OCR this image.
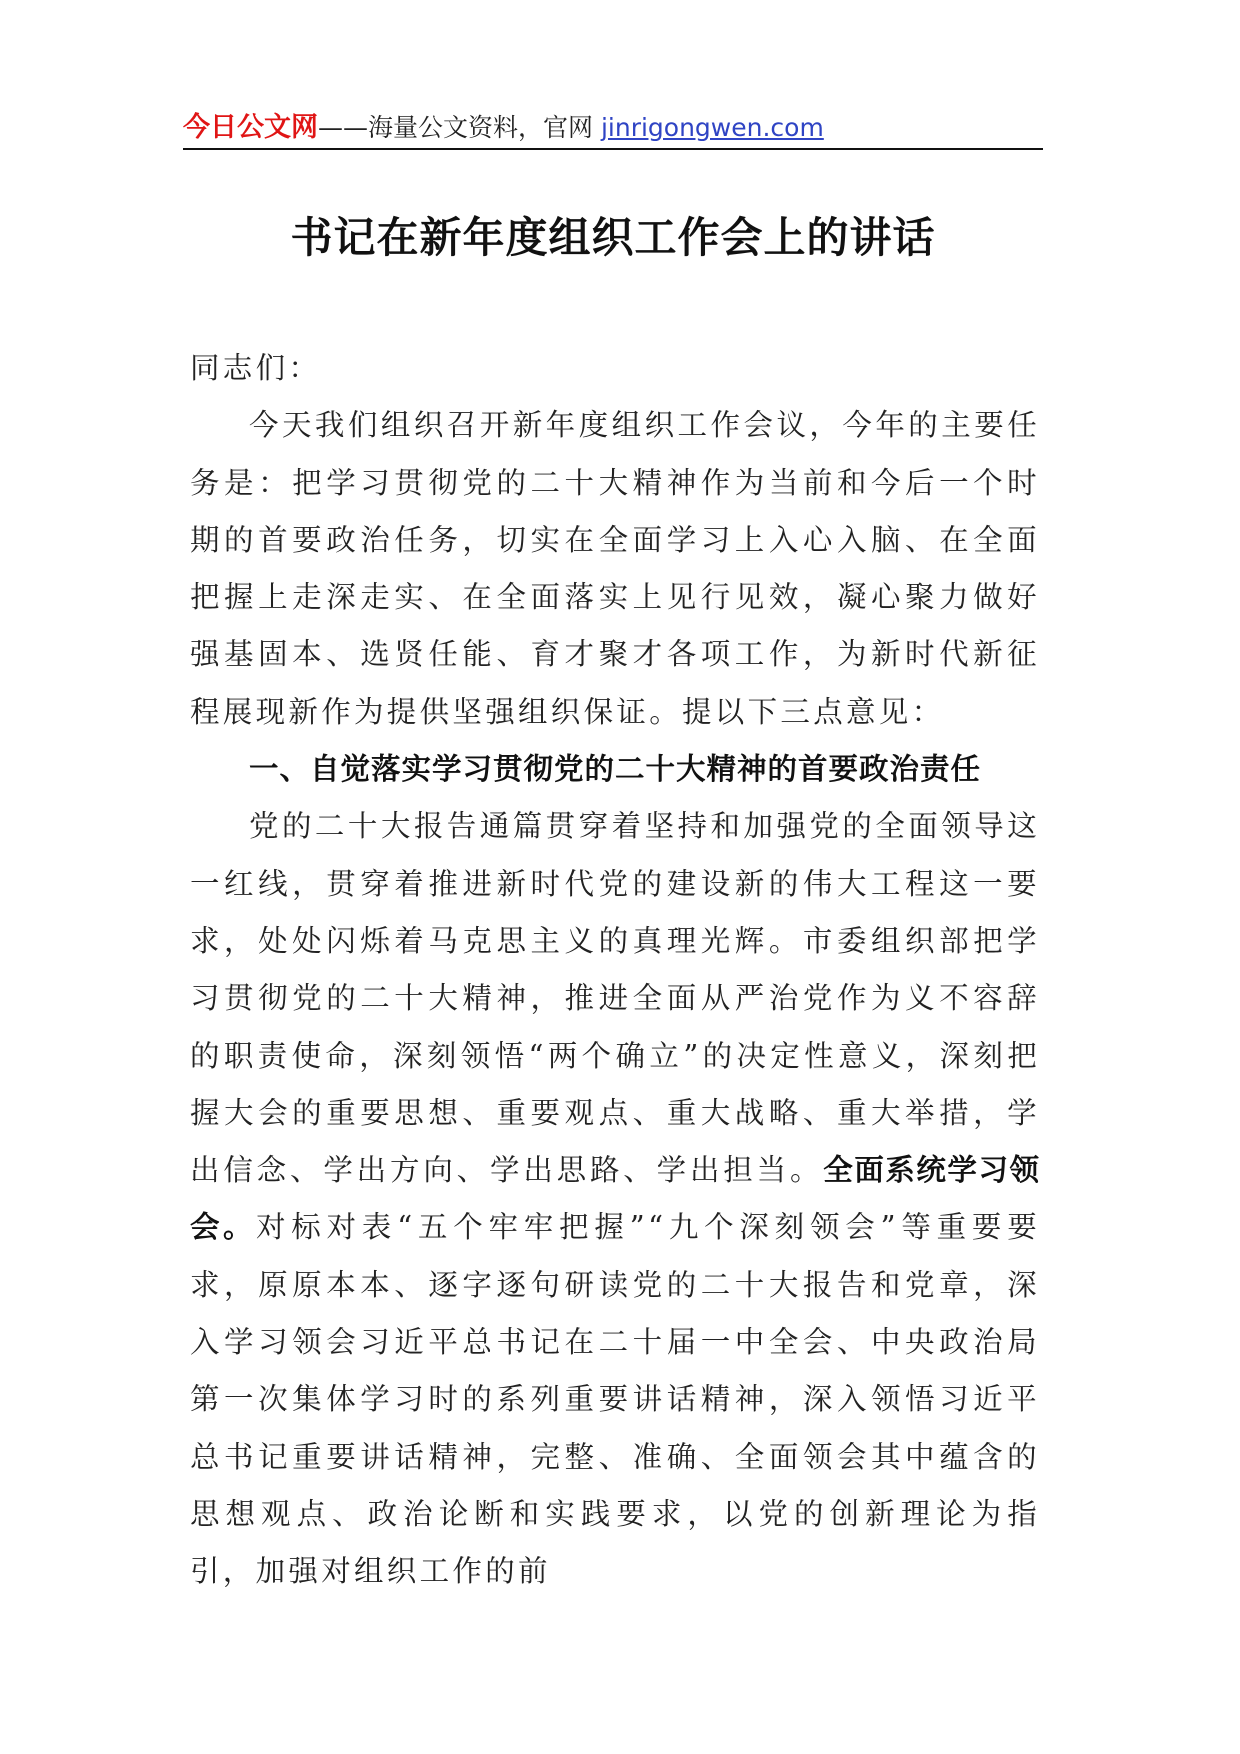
今日公文网——海量公文资料，官网 jinrigongwen.com
书记在新年度组织工作会上的讲话

同志们：

今天我们组织召开新年度组织工作会议，今年的主要任务是：把学习贯彻党的二十大精神作为当前和今后一个时期的首要政治任务，切实在全面学习上入心入脑、在全面把握上走深走实、在全面落实上见行见效，凝心聚力做好强基固本、选贤任能、育才聚才各项工作，为新时代新征程展现新作为提供坚强组织保证。提以下三点意见：

一、自觉落实学习贯彻党的二十大精神的首要政治责任

党的二十大报告通篇贯穿着坚持和加强党的全面领导这一红线，贯穿着推进新时代党的建设新的伟大工程这一要求，处处闪烁着马克思主义的真理光辉。市委组织部把学习贯彻党的二十大精神，推进全面从严治党作为义不容辞的职责使命，深刻领悟“两个确立”的决定性意义，深刻把握大会的重要思想、重要观点、重大战略、重大举措，学出信念、学出方向、学出思路、学出担当。全面系统学习领会。对标对表“五个牢牢把握”“九个深刻领会”等重要要求，原原本本、逐字逐句研读党的二十大报告和党章，深入学习领会习近平总书记在二十届一中全会、中央政治局第一次集体学习时的系列重要讲话精神，深入领悟习近平总书记重要讲话精神，完整、准确、全面领会其中蕴含的思想观点、政治论断和实践要求，以党的创新理论为指引，加强对组织工作的前
